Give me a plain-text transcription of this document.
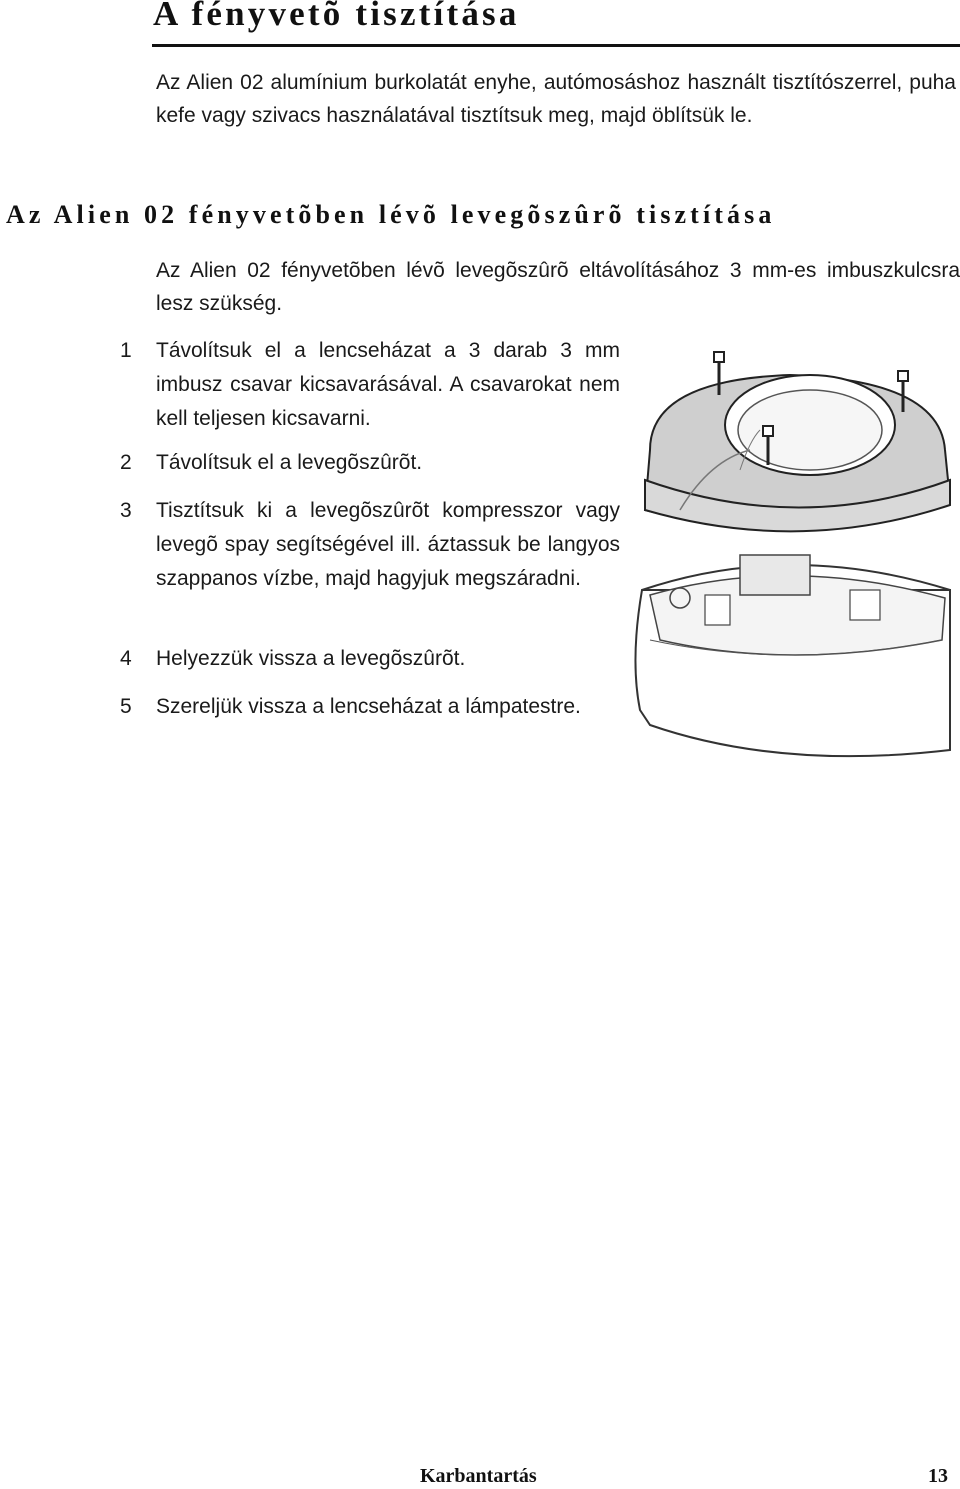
A fényvetõ tisztítása

Az Alien 02 alumínium burkolatát enyhe, autómosáshoz használt tisztítószerrel, puha kefe vagy szivacs használatával tisztítsuk meg, majd öblítsük le.

Az Alien 02 fényvetõben lévõ levegõszûrõ tisztítása

Az Alien 02 fényvetõben lévõ levegõszûrõ eltávolításához 3 mm-es imbuszkulcsra lesz szükség.

1	Távolítsuk el a lencseházat a 3 darab 3 mm imbusz csavar kicsavarásával. A csavarokat nem kell teljesen kicsavarni.
2	Távolítsuk el a levegõszûrõt.
3	Tisztítsuk ki a levegõszûrõt kompresszor vagy levegõ spay segítségével ill. áztassuk be langyos szappanos vízbe, majd hagyjuk megszáradni.
4	Helyezzük vissza a levegõszûrõt.
5	Szereljük vissza a lencseházat a lámpatestre.
Karbantartás	13
